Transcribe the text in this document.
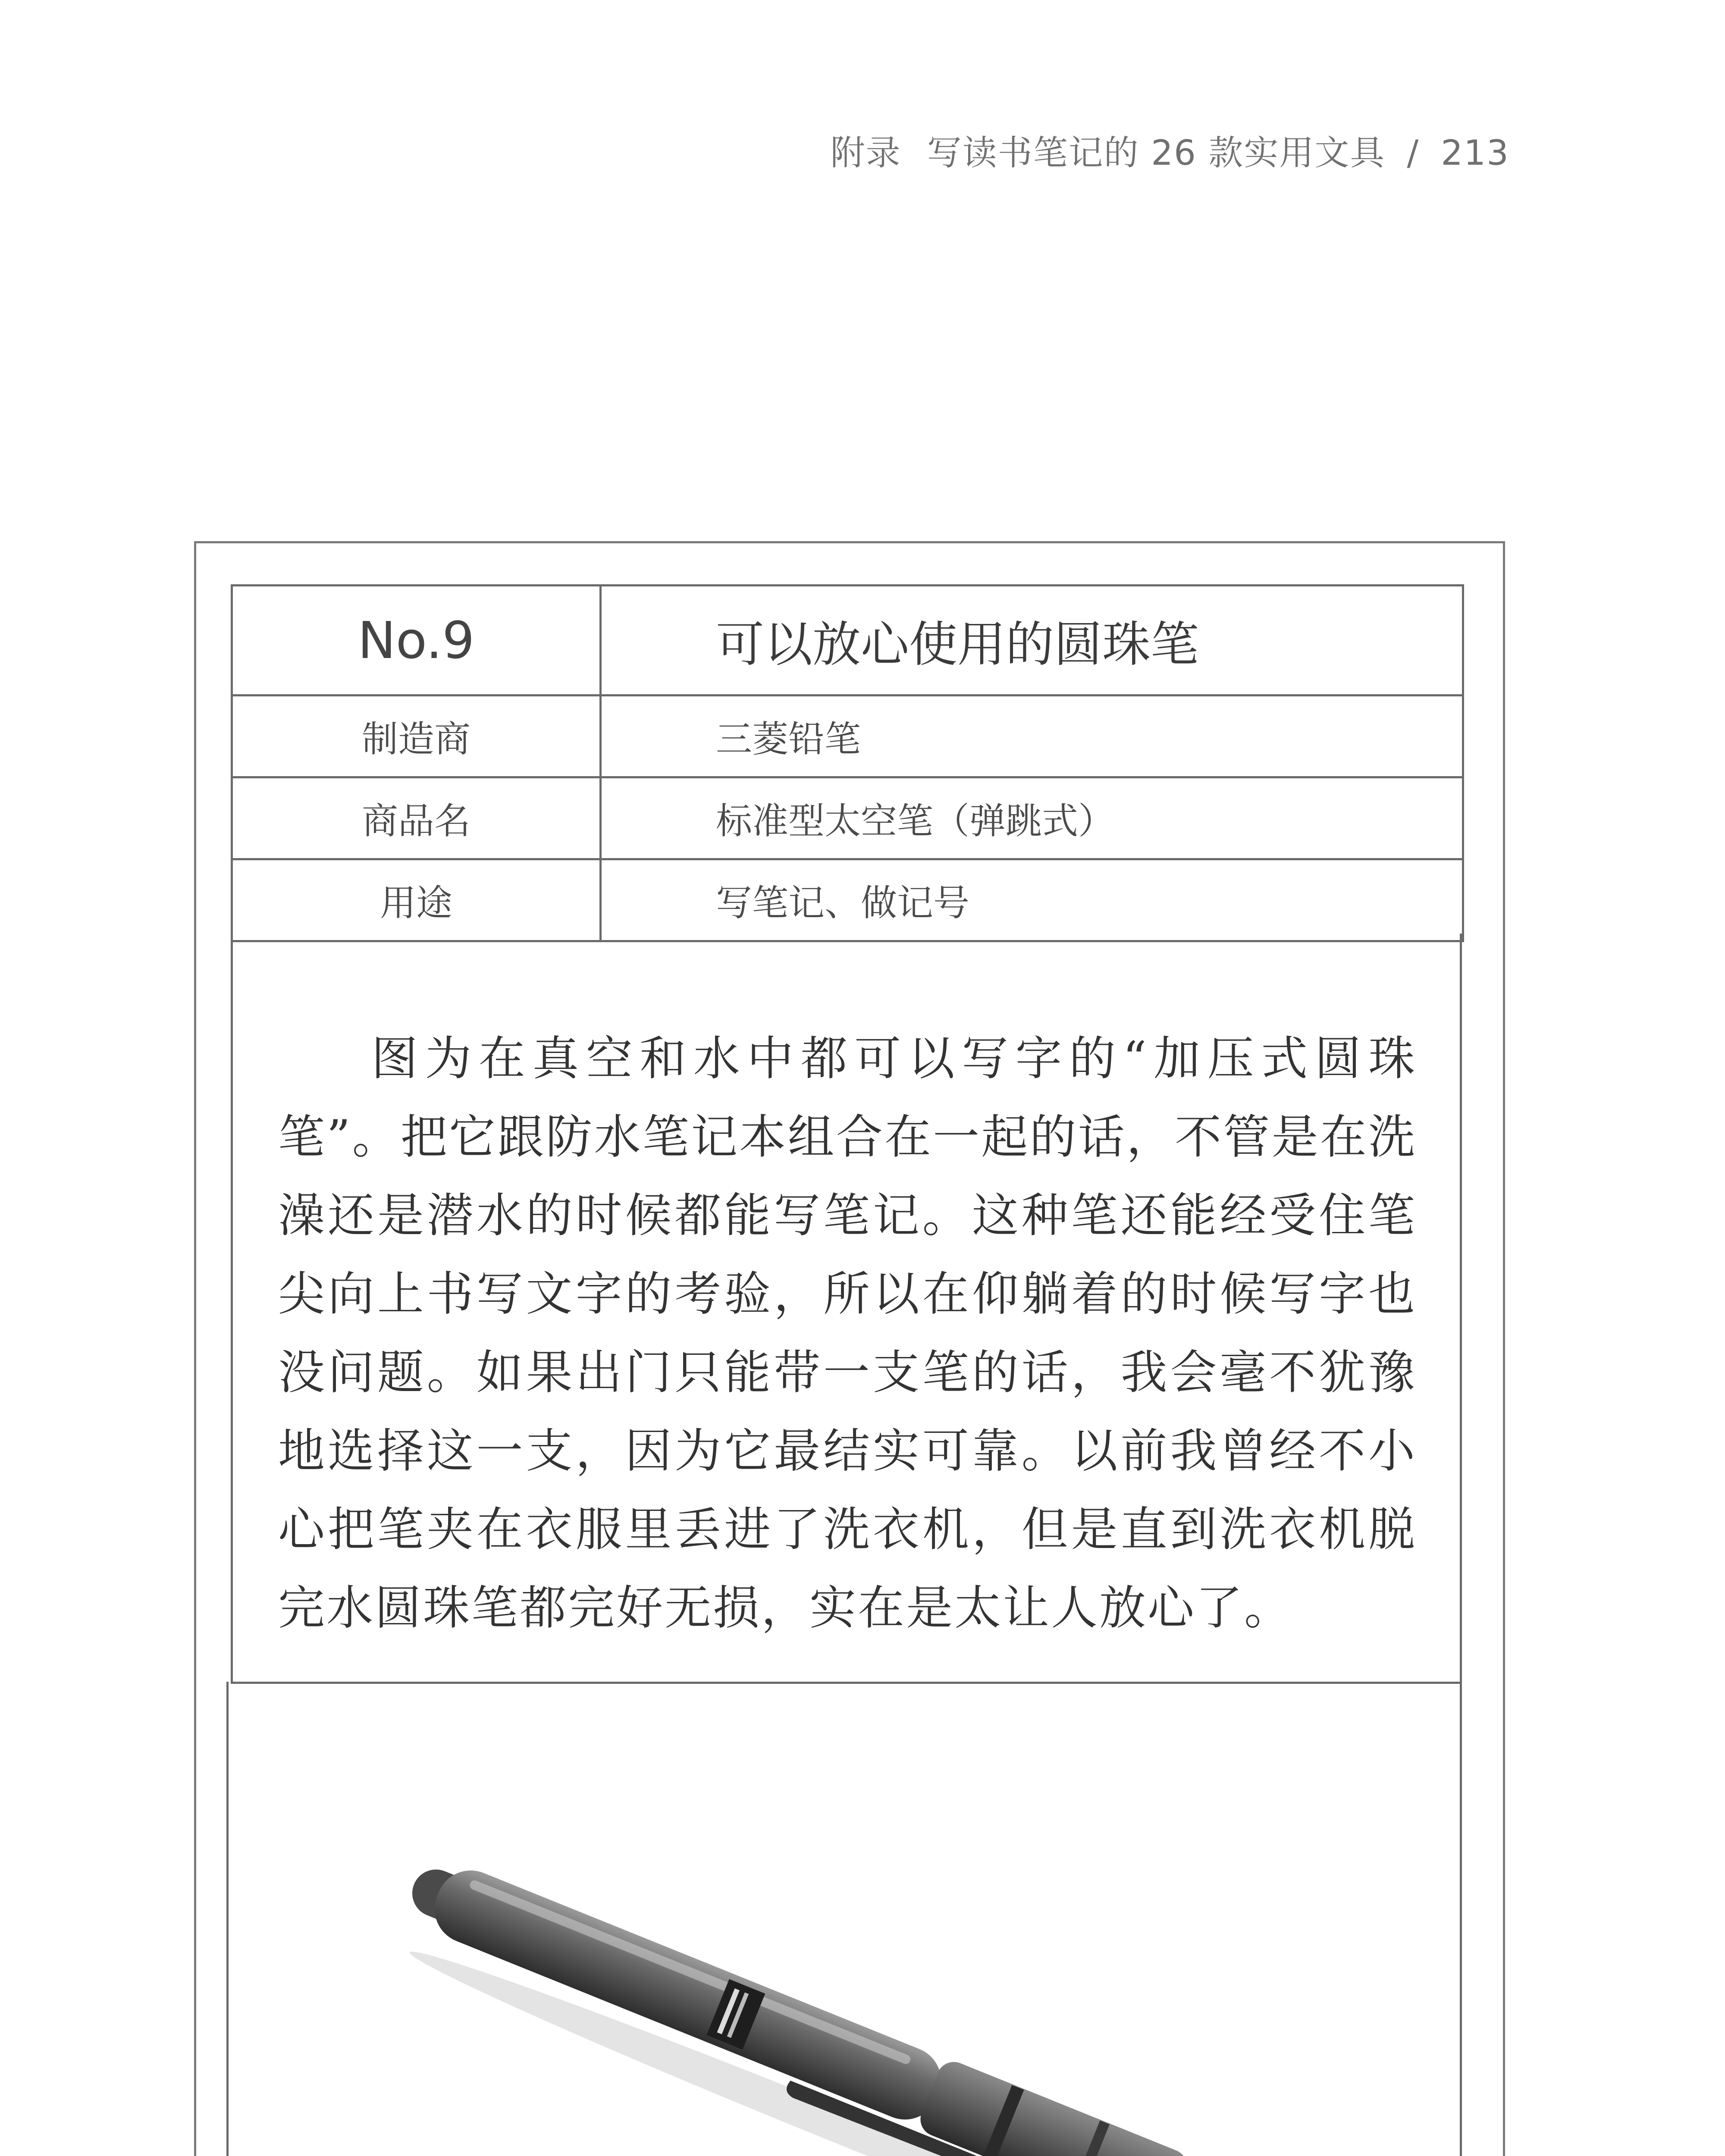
附录 写读书笔记的 26 款实用文具 / 213
No.9	可以放心使用的圆珠笔
制造商	三菱铅笔
商品名	标准型太空笔（弹跳式）
用途	写笔记、做记号

图为在真空和水中都可以写字的“加压式圆珠笔”。把它跟防水笔记本组合在一起的话，不管是在洗澡还是潜水的时候都能写笔记。这种笔还能经受住笔尖向上书写文字的考验，所以在仰躺着的时候写字也没问题。如果出门只能带一支笔的话，我会毫不犹豫地选择这一支，因为它最结实可靠。以前我曾经不小心把笔夹在衣服里丢进了洗衣机，但是直到洗衣机脱完水圆珠笔都完好无损，实在是太让人放心了。
